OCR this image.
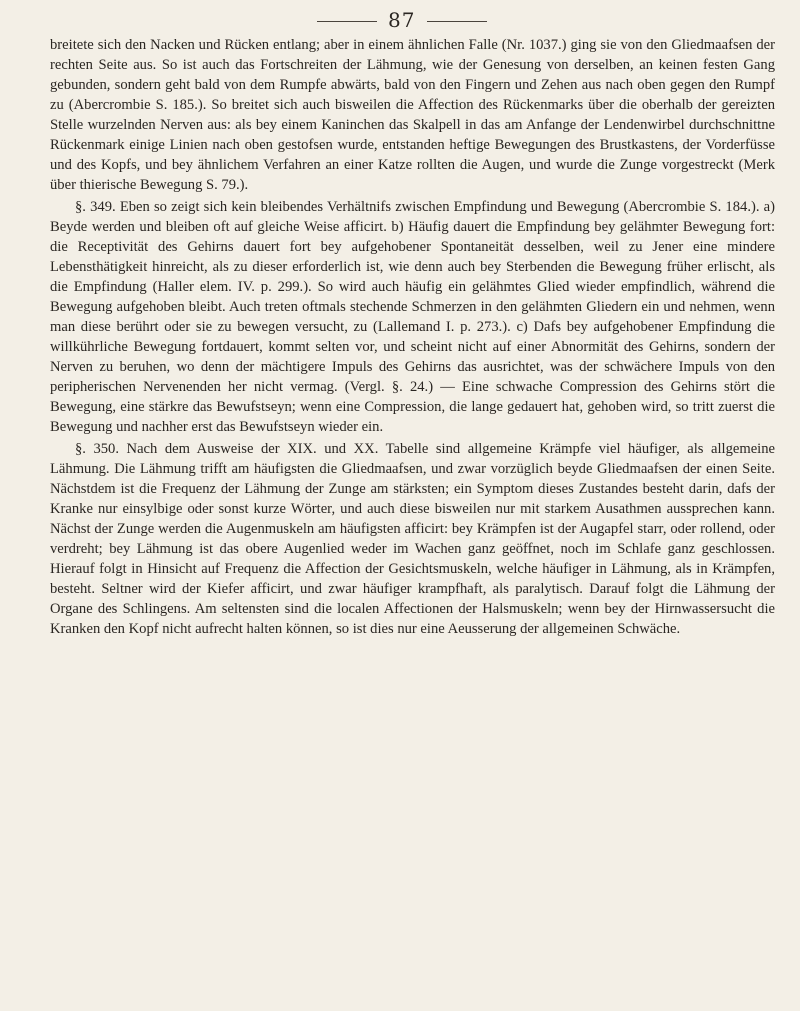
87

breitete sich den Nacken und Rücken entlang; aber in einem ähnlichen Falle (Nr. 1037.) ging sie von den Gliedmaafsen der rechten Seite aus. So ist auch das Fortschreiten der Lähmung, wie der Genesung von derselben, an keinen festen Gang gebunden, sondern geht bald von dem Rumpfe abwärts, bald von den Fingern und Zehen aus nach oben gegen den Rumpf zu (Abercrombie S. 185.). So breitet sich auch bisweilen die Affection des Rückenmarks über die oberhalb der gereizten Stelle wurzelnden Nerven aus: als bey einem Kaninchen das Skalpell in das am Anfange der Lendenwirbel durchschnittne Rückenmark einige Linien nach oben gestofsen wurde, entstanden heftige Bewegungen des Brustkastens, der Vorderfüsse und des Kopfs, und bey ähnlichem Verfahren an einer Katze rollten die Augen, und wurde die Zunge vorgestreckt (Merk über thierische Bewegung S. 79.).

§. 349. Eben so zeigt sich kein bleibendes Verhältnifs zwischen Empfindung und Bewegung (Abercrombie S. 184.). a) Beyde werden und bleiben oft auf gleiche Weise afficirt. b) Häufig dauert die Empfindung bey gelähmter Bewegung fort: die Receptivität des Gehirns dauert fort bey aufgehobener Spontaneität desselben, weil zu Jener eine mindere Lebensthätigkeit hinreicht, als zu dieser erforderlich ist, wie denn auch bey Sterbenden die Bewegung früher erlischt, als die Empfindung (Haller elem. IV. p. 299.). So wird auch häufig ein gelähmtes Glied wieder empfindlich, während die Bewegung aufgehoben bleibt. Auch treten oftmals stechende Schmerzen in den gelähmten Gliedern ein und nehmen, wenn man diese berührt oder sie zu bewegen versucht, zu (Lallemand I. p. 273.). c) Dafs bey aufgehobener Empfindung die willkührliche Bewegung fortdauert, kommt selten vor, und scheint nicht auf einer Abnormität des Gehirns, sondern der Nerven zu beruhen, wo denn der mächtigere Impuls des Gehirns das ausrichtet, was der schwächere Impuls von den peripherischen Nervenenden her nicht vermag. (Vergl. §. 24.) — Eine schwache Compression des Gehirns stört die Bewegung, eine stärkre das Bewufstseyn; wenn eine Compression, die lange gedauert hat, gehoben wird, so tritt zuerst die Bewegung und nachher erst das Bewufstseyn wieder ein.

§. 350. Nach dem Ausweise der XIX. und XX. Tabelle sind allgemeine Krämpfe viel häufiger, als allgemeine Lähmung. Die Lähmung trifft am häufigsten die Gliedmaafsen, und zwar vorzüglich beyde Gliedmaafsen der einen Seite. Nächstdem ist die Frequenz der Lähmung der Zunge am stärksten; ein Symptom dieses Zustandes besteht darin, dafs der Kranke nur einsylbige oder sonst kurze Wörter, und auch diese bisweilen nur mit starkem Ausathmen aussprechen kann. Nächst der Zunge werden die Augenmuskeln am häufigsten afficirt: bey Krämpfen ist der Augapfel starr, oder rollend, oder verdreht; bey Lähmung ist das obere Augenlied weder im Wachen ganz geöffnet, noch im Schlafe ganz geschlossen. Hierauf folgt in Hinsicht auf Frequenz die Affection der Gesichtsmuskeln, welche häufiger in Lähmung, als in Krämpfen, besteht. Seltner wird der Kiefer afficirt, und zwar häufiger krampfhaft, als paralytisch. Darauf folgt die Lähmung der Organe des Schlingens. Am seltensten sind die localen Affectionen der Halsmuskeln; wenn bey der Hirnwassersucht die Kranken den Kopf nicht aufrecht halten können, so ist dies nur eine Aeusserung der allgemeinen Schwäche.
